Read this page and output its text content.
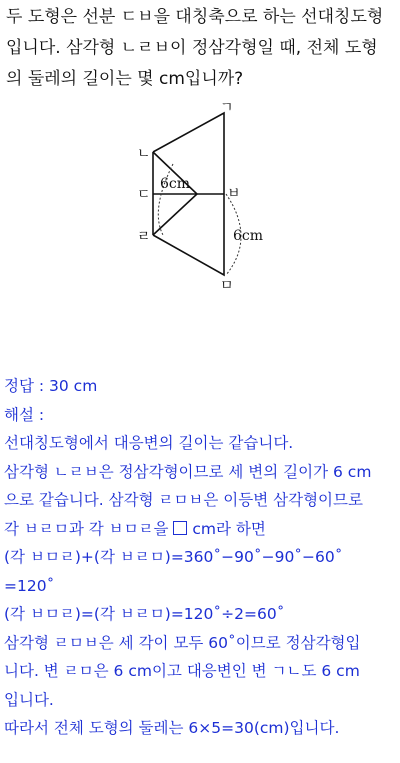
두 도형은 선분 ㄷㅂ을 대칭축으로 하는 선대칭도형
입니다. 삼각형 ㄴㄹㅂ이 정삼각형일 때, 전체 도형
의 둘레의 길이는 몇 cm입니까?
ㄱ
ㄴ
ㄷ
ㄹ
ㅂ
ㅁ
6cm
6cm
정답 : 30 cm
해설 :
선대칭도형에서 대응변의 길이는 같습니다.
삼각형 ㄴㄹㅂ은 정삼각형이므로 세 변의 길이가 6 cm
으로 같습니다. 삼각형 ㄹㅁㅂ은 이등변 삼각형이므로
각 ㅂㄹㅁ과 각 ㅂㅁㄹ을 cm라 하면
(각 ㅂㅁㄹ)+(각 ㅂㄹㅁ)=360˚−90˚−90˚−60˚
=120˚
(각 ㅂㅁㄹ)=(각 ㅂㄹㅁ)=120˚÷2=60˚
삼각형 ㄹㅁㅂ은 세 각이 모두 60˚이므로 정삼각형입
니다. 변 ㄹㅁ은 6 cm이고 대응변인 변 ㄱㄴ도 6 cm
입니다.
따라서 전체 도형의 둘레는 6×5=30(cm)입니다.
